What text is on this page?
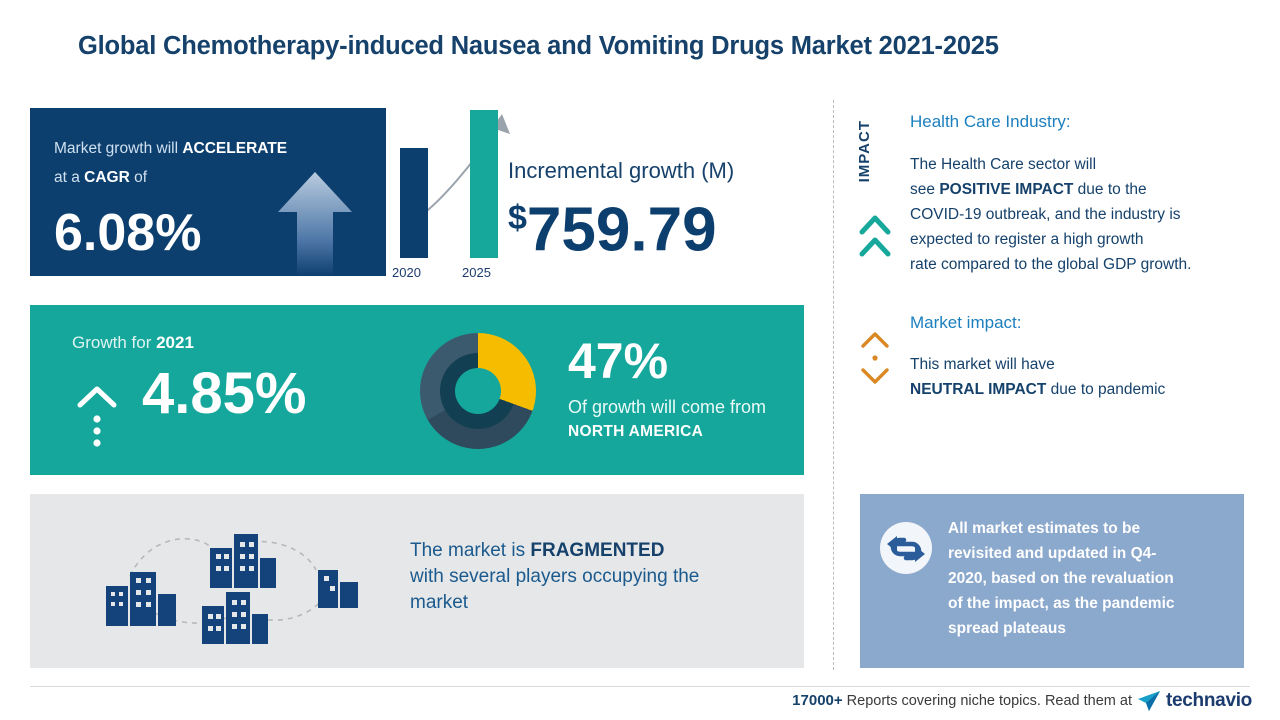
Global Chemotherapy-induced Nausea and Vomiting Drugs Market 2021-2025
Market growth will ACCELERATE
at a CAGR of
6.08%
2020	2025
Incremental growth (M)
$759.79
Growth for 2021
4.85%	47%
Of growth will come from
NORTH AMERICA
The market is FRAGMENTED
with several players occupying the
market
IMPACT Health Care Industry:
The Health Care sector will
see POSITIVE IMPACT due to the
COVID-19 outbreak, and the industry is
expected to register a high growth
rate compared to the global GDP growth.
Market impact:
This market will have
NEUTRAL IMPACT due to pandemic
All market estimates to be
revisited and updated in Q4-
2020, based on the revaluation
of the impact, as the pandemic
spread plateaus
17000+ Reports covering niche topics. Read them at technavio
